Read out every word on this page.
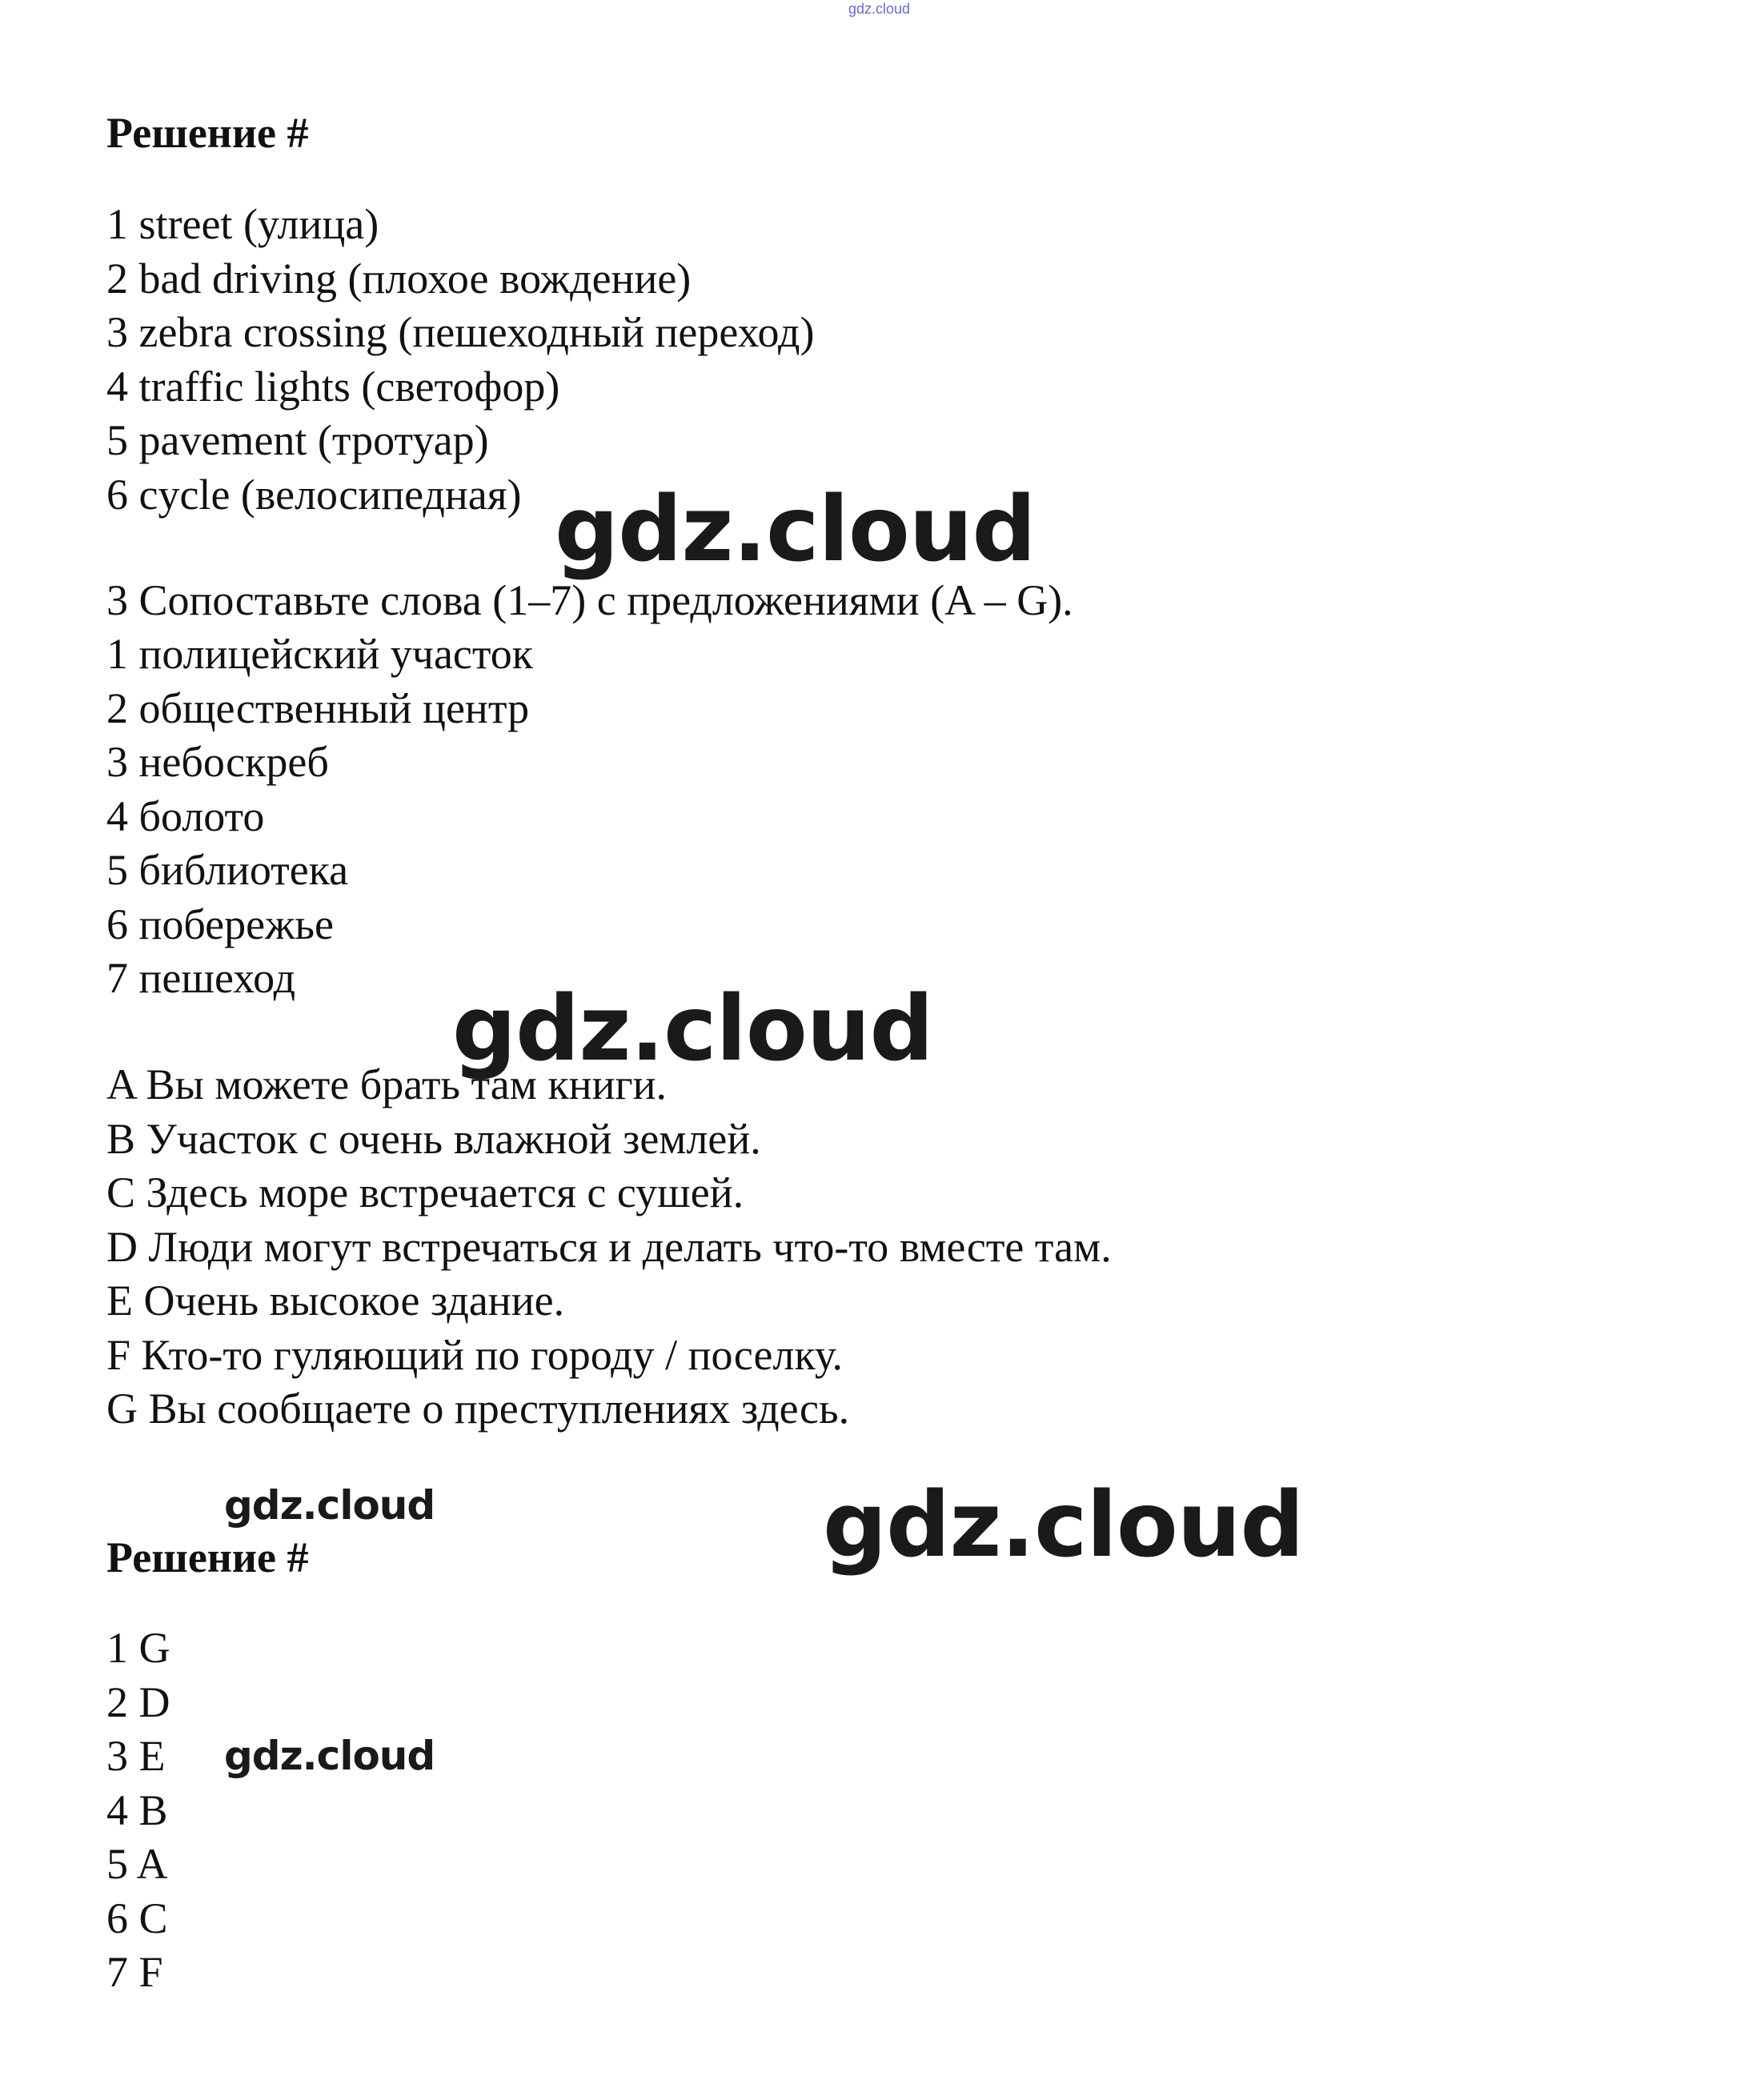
gdz.cloud
Решение #
1 street (улица)
2 bad driving (плохое вождение)
3 zebra crossing (пешеходный переход)
4 traffic lights (светофор)
5 pavement (тротуар)
6 cycle (велосипедная)
3 Сопоставьте слова (1–7) с предложениями (A – G).
1 полицейский участок
2 общественный центр
3 небоскреб
4 болото
5 библиотека
6 побережье
7 пешеход
A Вы можете брать там книги.
B Участок с очень влажной землей.
C Здесь море встречается с сушей.
D Люди могут встречаться и делать что-то вместе там.
E Очень высокое здание.
F Кто-то гуляющий по городу / поселку.
G Вы сообщаете о преступлениях здесь.
Решение #
1 G
2 D
3 E
4 B
5 A
6 C
7 F
gdz.cloud
gdz.cloud
gdz.cloud
gdz.cloud
gdz.cloud
